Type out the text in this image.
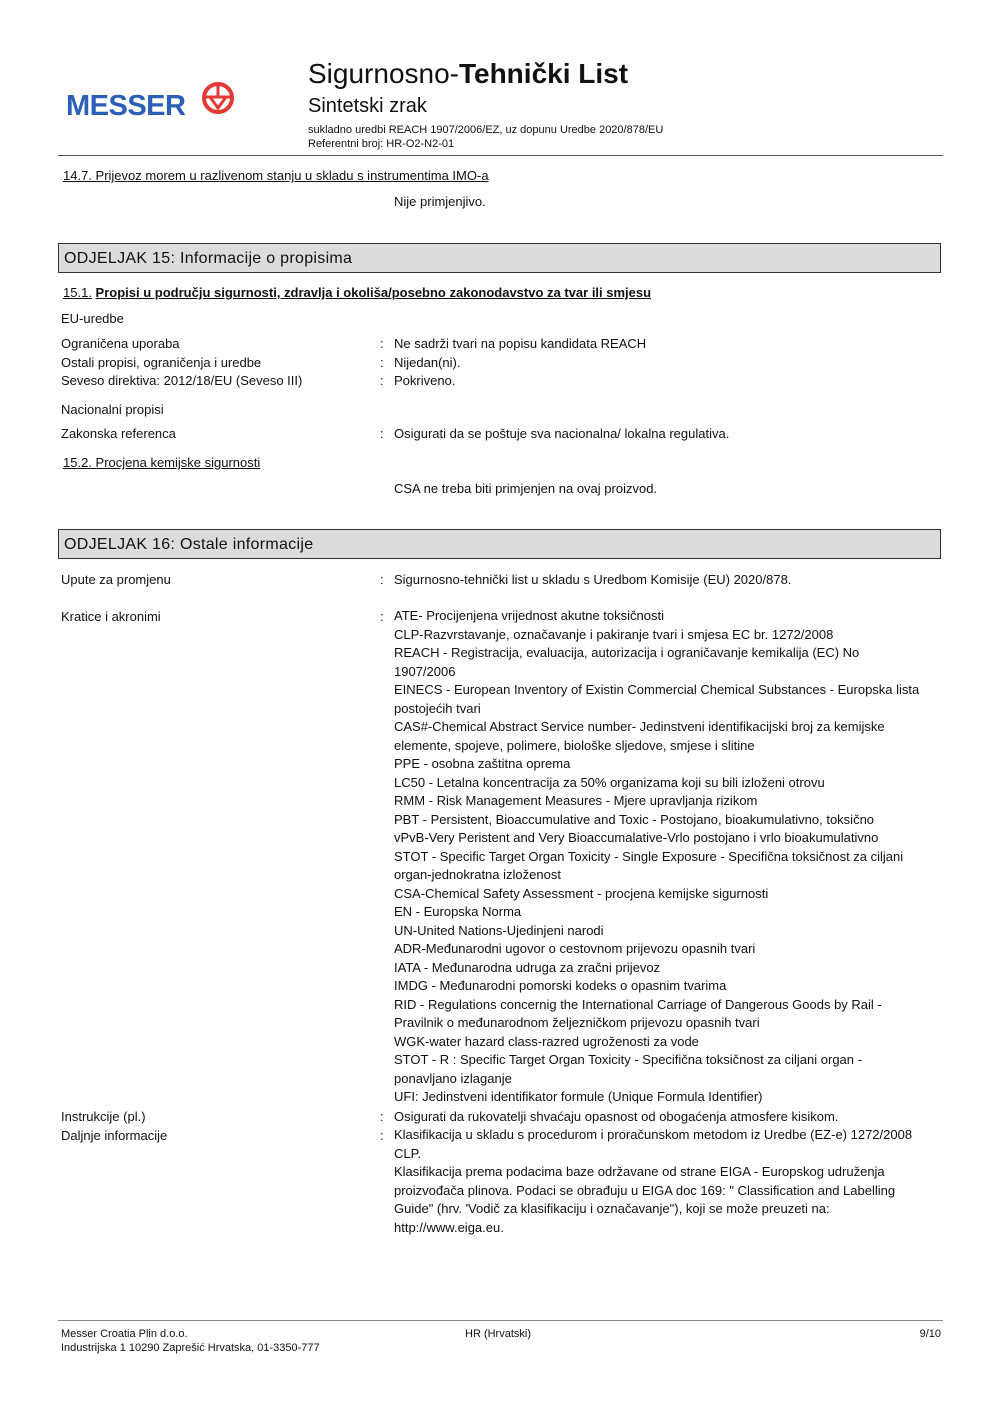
MESSER
Sigurnosno-Tehnički List
Sintetski zrak
sukladno uredbi REACH 1907/2006/EZ, uz dopunu Uredbe 2020/878/EU
Referentni broj: HR-O2-N2-01
14.7. Prijevoz morem u razlivenom stanju u skladu s instrumentima IMO-a
Nije primjenjivo.
ODJELJAK 15: Informacije o propisima
15.1. Propisi u području sigurnosti, zdravlja i okoliša/posebno zakonodavstvo za tvar ili smjesu
EU-uredbe
Ograničena uporaba	: Ne sadrži tvari na popisu kandidata REACH
Ostali propisi, ograničenja i uredbe	: Nijedan(ni).
Seveso direktiva: 2012/18/EU (Seveso III)	: Pokriveno.
Nacionalni propisi
Zakonska referenca	: Osigurati da se poštuje sva nacionalna/ lokalna regulativa.
15.2. Procjena kemijske sigurnosti
CSA ne treba biti primjenjen na ovaj proizvod.
ODJELJAK 16: Ostale informacije
Upute za promjenu	: Sigurnosno-tehnički list u skladu s Uredbom Komisije (EU) 2020/878.
Kratice i akronimi	: ATE- Procijenjena vrijednost akutne toksičnosti
CLP-Razvrstavanje, označavanje i pakiranje tvari i smjesa EC br. 1272/2008
REACH - Registracija, evaluacija, autorizacija i ograničavanje kemikalija (EC) No
1907/2006
EINECS - European Inventory of Existin Commercial Chemical Substances - Europska lista
postojećih tvari
CAS#-Chemical Abstract Service number- Jedinstveni identifikacijski broj za kemijske
elemente, spojeve, polimere, biološke sljedove, smjese i slitine
PPE - osobna zaštitna oprema
LC50 - Letalna koncentracija za 50% organizama koji su bili izloženi otrovu
RMM - Risk Management Measures - Mjere upravljanja rizikom
PBT - Persistent, Bioaccumulative and Toxic - Postojano, bioakumulativno, toksično
vPvB-Very Peristent and Very Bioaccumalative-Vrlo postojano i vrlo bioakumulativno
STOT - Specific Target Organ Toxicity - Single Exposure - Specifična toksičnost za ciljani
organ-jednokratna izloženost
CSA-Chemical Safety Assessment - procjena kemijske sigurnosti
EN - Europska Norma
UN-United Nations-Ujedinjeni narodi
ADR-Međunarodni ugovor o cestovnom prijevozu opasnih tvari
IATA - Međunarodna udruga za zračni prijevoz
IMDG - Međunarodni pomorski kodeks o opasnim tvarima
RID - Regulations concernig the International Carriage of Dangerous Goods by Rail -
Pravilnik o međunarodnom željezničkom prijevozu opasnih tvari
WGK-water hazard class-razred ugroženosti za vode
STOT - R : Specific Target Organ Toxicity - Specifična toksičnost za ciljani organ -
ponavljano izlaganje
UFI: Jedinstveni identifikator formule (Unique Formula Identifier)
Instrukcije (pl.)	: Osigurati da rukovatelji shvaćaju opasnost od obogaćenja atmosfere kisikom.
Daljnje informacije	: Klasifikacija u skladu s procedurom i proračunskom metodom iz Uredbe (EZ-e) 1272/2008
CLP.
Klasifikacija prema podacima baze održavane od strane EIGA - Europskog udruženja
proizvođača plinova. Podaci se obrađuju u EIGA doc 169: " Classification and Labelling
Guide" (hrv. 'Vodič za klasifikaciju i označavanje"), koji se može preuzeti na:
http://www.eiga.eu.
Messer Croatia Plin d.o.o.
Industrijska 1 10290 Zaprešić Hrvatska, 01-3350-777
HR (Hrvatski)	9/10
